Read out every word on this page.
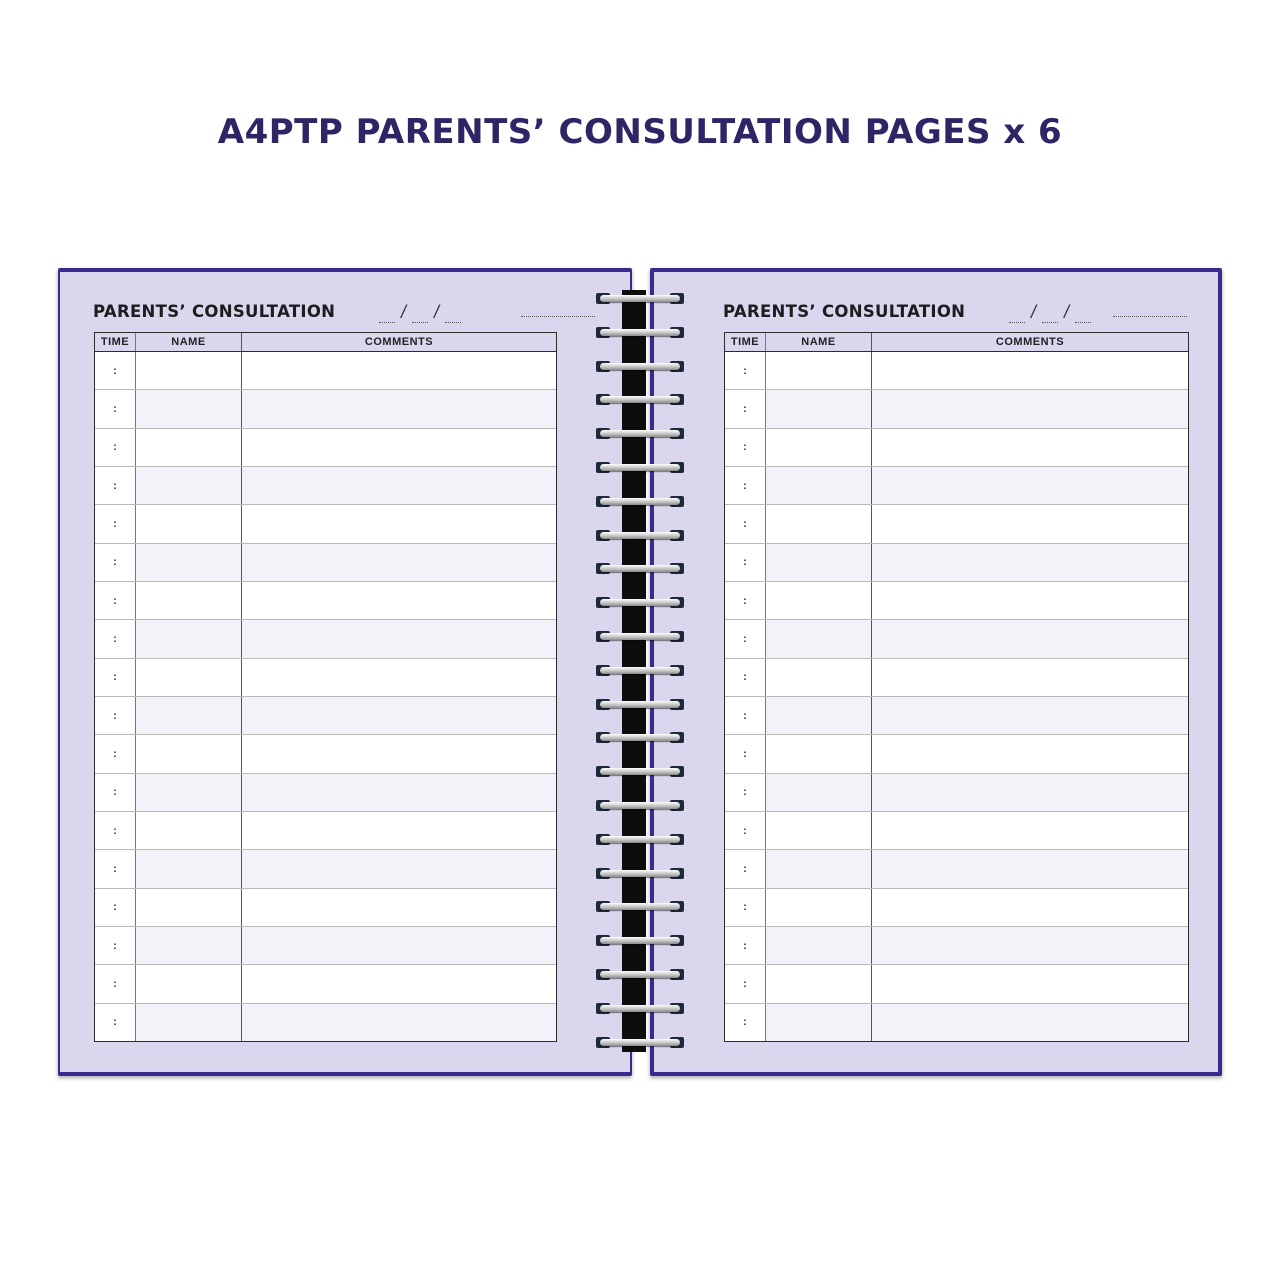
A4PTP PARENTS’ CONSULTATION PAGES x 6
PARENTS’ CONSULTATION	/ /
TIME	NAME	COMMENTS
:
:
:
:
:
:
:
:
:
:
:
:
:
:
:
:
:
:
PARENTS’ CONSULTATION	/ /
TIME	NAME	COMMENTS
:
:
:
:
:
:
:
:
:
:
:
:
:
:
:
:
:
:
